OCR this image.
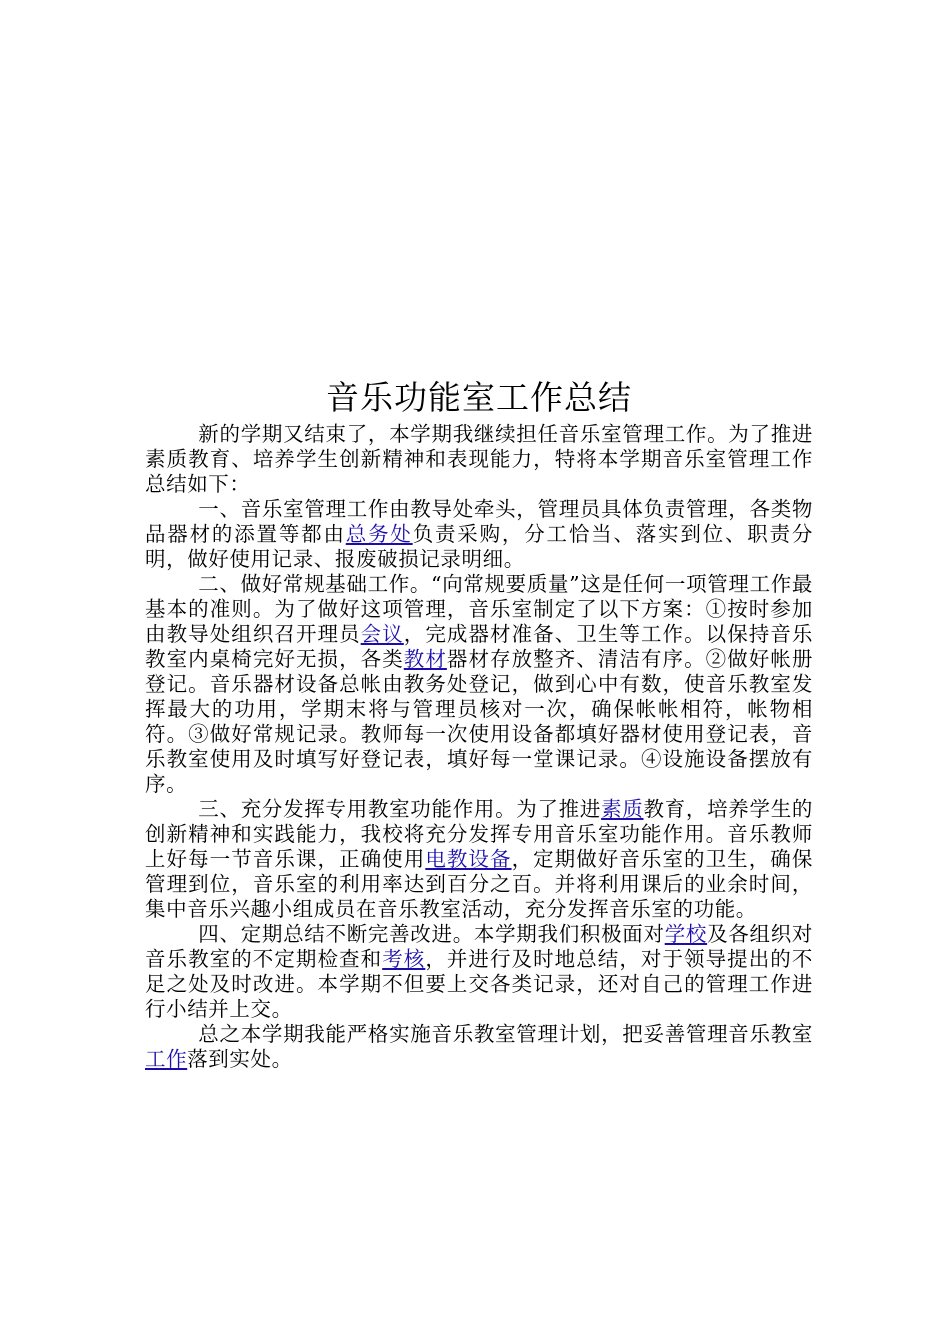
音乐功能室工作总结

新的学期又结束了，本学期我继续担任音乐室管理工作。为了推进素质教育、培养学生创新精神和表现能力，特将本学期音乐室管理工作总结如下：

一、音乐室管理工作由教导处牵头，管理员具体负责管理，各类物品器材的添置等都由总务处负责采购，分工恰当、落实到位、职责分明，做好使用记录、报废破损记录明细。

二、做好常规基础工作。“向常规要质量”这是任何一项管理工作最基本的准则。为了做好这项管理，音乐室制定了以下方案：①按时参加由教导处组织召开理员会议，完成器材准备、卫生等工作。以保持音乐教室内桌椅完好无损，各类教材器材存放整齐、清洁有序。②做好帐册登记。音乐器材设备总帐由教务处登记，做到心中有数，使音乐教室发挥最大的功用，学期末将与管理员核对一次，确保帐帐相符，帐物相符。③做好常规记录。教师每一次使用设备都填好器材使用登记表，音乐教室使用及时填写好登记表，填好每一堂课记录。④设施设备摆放有序。

三、充分发挥专用教室功能作用。为了推进素质教育，培养学生的创新精神和实践能力，我校将充分发挥专用音乐室功能作用。音乐教师上好每一节音乐课，正确使用电教设备，定期做好音乐室的卫生，确保管理到位，音乐室的利用率达到百分之百。并将利用课后的业余时间，集中音乐兴趣小组成员在音乐教室活动，充分发挥音乐室的功能。

四、定期总结不断完善改进。本学期我们积极面对学校及各组织对音乐教室的不定期检查和考核，并进行及时地总结，对于领导提出的不足之处及时改进。本学期不但要上交各类记录，还对自己的管理工作进行小结并上交。

总之本学期我能严格实施音乐教室管理计划，把妥善管理音乐教室工作落到实处。
